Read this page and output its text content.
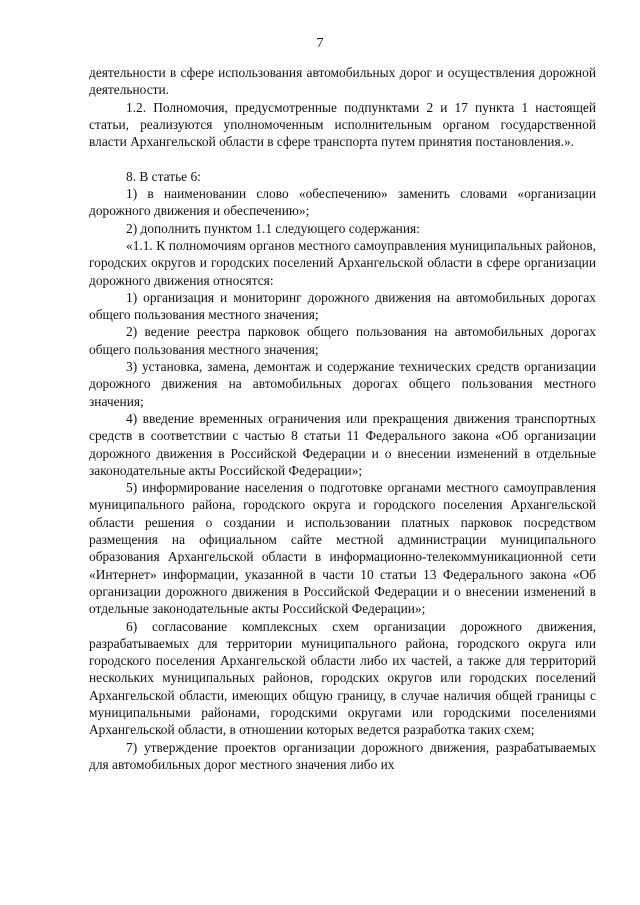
7

деятельности в сфере использования автомобильных дорог и осуществления дорожной деятельности.

1.2. Полномочия, предусмотренные подпунктами 2 и 17 пункта 1 настоящей статьи, реализуются уполномоченным исполнительным органом государственной власти Архангельской области в сфере транспорта путем принятия постановления.».

8. В статье 6:

1) в наименовании слово «обеспечению» заменить словами «организации дорожного движения и обеспечению»;

2) дополнить пунктом 1.1 следующего содержания:

«1.1. К полномочиям органов местного самоуправления муниципальных районов, городских округов и городских поселений Архангельской области в сфере организации дорожного движения относятся:

1) организация и мониторинг дорожного движения на автомобильных дорогах общего пользования местного значения;

2) ведение реестра парковок общего пользования на автомобильных дорогах общего пользования местного значения;

3) установка, замена, демонтаж и содержание технических средств организации дорожного движения на автомобильных дорогах общего пользования местного значения;

4) введение временных ограничения или прекращения движения транспортных средств в соответствии с частью 8 статьи 11 Федерального закона «Об организации дорожного движения в Российской Федерации и о внесении изменений в отдельные законодательные акты Российской Федерации»;

5) информирование населения о подготовке органами местного самоуправления муниципального района, городского округа и городского поселения Архангельской области решения о создании и использовании платных парковок посредством размещения на официальном сайте местной администрации муниципального образования Архангельской области в информационно-телекоммуникационной сети «Интернет» информации, указанной в части 10 статьи 13 Федерального закона «Об организации дорожного движения в Российской Федерации и о внесении изменений в отдельные законодательные акты Российской Федерации»;

6) согласование комплексных схем организации дорожного движения, разрабатываемых для территории муниципального района, городского округа или городского поселения Архангельской области либо их частей, а также для территорий нескольких муниципальных районов, городских округов или городских поселений Архангельской области, имеющих общую границу, в случае наличия общей границы с муниципальными районами, городскими округами или городскими поселениями Архангельской области, в отношении которых ведется разработка таких схем;

7) утверждение проектов организации дорожного движения, разрабатываемых для автомобильных дорог местного значения либо их
